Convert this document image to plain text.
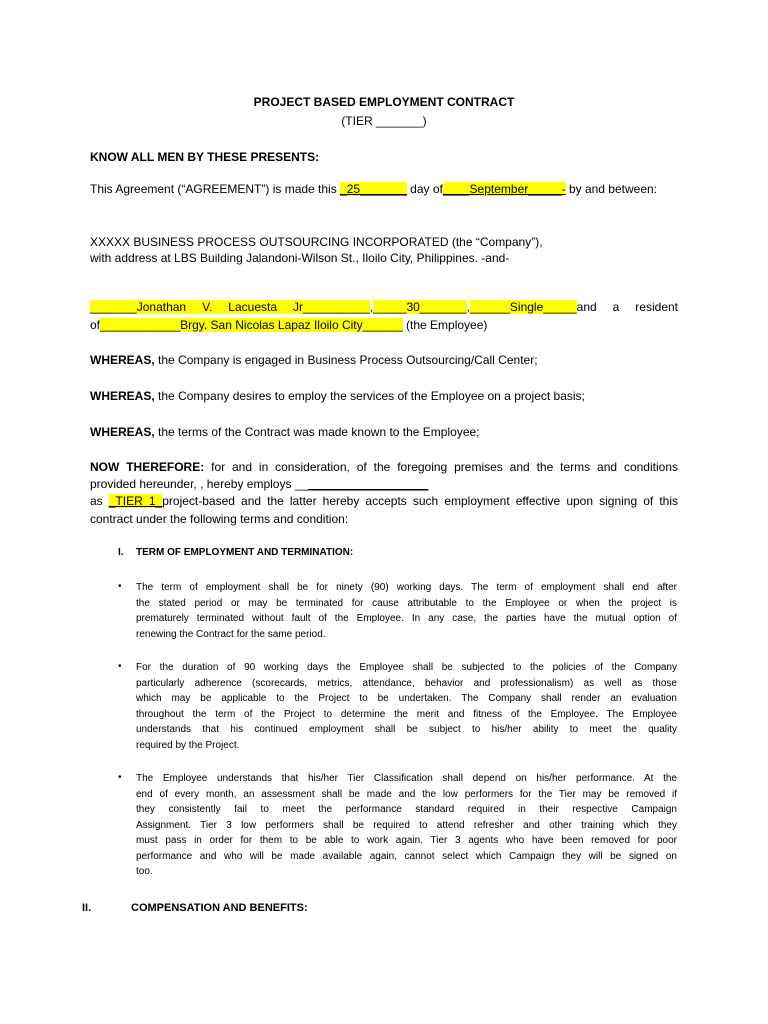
PROJECT BASED EMPLOYMENT CONTRACT
(TIER _______)
KNOW ALL MEN BY THESE PRESENTS:
This Agreement (“AGREEMENT”) is made this _25_______ day of____September_____- by and between:
XXXXX BUSINESS PROCESS OUTSOURCING INCORPORATED (the “Company”),
with address at LBS Building Jalandoni-Wilson St., Iloilo City, Philippines. -and-
_______Jonathan V. Lacuesta Jr__________,_____30_______,______Single_____and a resident
of____________Brgy. San Nicolas Lapaz Iloilo City______ (the Employee)
WHEREAS, the Company is engaged in Business Process Outsourcing/Call Center;
WHEREAS, the Company desires to employ the services of the Employee on a project basis;
WHEREAS, the terms of the Contract was made known to the Employee;
NOW THEREFORE: for and in consideration, of the foregoing premises and the terms and conditions
provided hereunder, , hereby employs ____________________
as _TIER 1_project-based and the latter hereby accepts such employment effective upon signing of this
contract under the following terms and condition:
I. TERM OF EMPLOYMENT AND TERMINATION:
• The term of employment shall be for ninety (90) working days. The term of employment shall end after
the stated period or may be terminated for cause attributable to the Employee or when the project is
prematurely terminated without fault of the Employee. In any case, the parties have the mutual option of
renewing the Contract for the same period.
• For the duration of 90 working days the Employee shall be subjected to the policies of the Company
particularly adherence (scorecards, metrics, attendance, behavior and professionalism) as well as those
which may be applicable to the Project to be undertaken. The Company shall render an evaluation
throughout the term of the Project to determine the merit and fitness of the Employee. The Employee
understands that his continued employment shall be subject to his/her ability to meet the quality
required by the Project.
• The Employee understands that his/her Tier Classification shall depend on his/her performance. At the
end of every month, an assessment shall be made and the low performers for the Tier may be removed if
they consistently fail to meet the performance standard required in their respective Campaign
Assignment. Tier 3 low performers shall be required to attend refresher and other training which they
must pass in order for them to be able to work again. Tier 3 agents who have been removed for poor
performance and who will be made available again, cannot select which Campaign they will be signed on
too.
II.	COMPENSATION AND BENEFITS:
